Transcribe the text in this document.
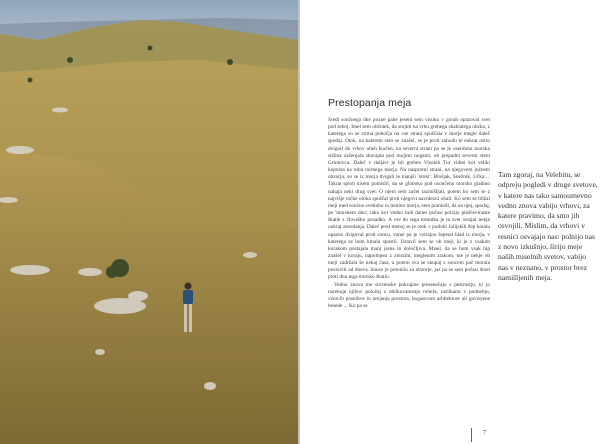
Prestopanja meja

Sredi sončnega dne pozne pabe jeseni sem visoko v gorah opazoval svet pod seboj. Imel sem občutek, da stojim na vrhu grebega skalnatega obzka, z katerega so se strma pobočja na vse strani spuščala v morje megle daleč spodaj. Otok, na katerem sem se znašel, se je proti zahodu le enkrat ostro dvignil do vrhov obeh Kočen, na severni strani pa se je osenčena morska stišina začenjala skorajda pod mojimi nogami, ob prepadni severni steni Grintovca. Daleč v daljavi je bil greben Visokih Tur videti kot veliki kopniza na robu mirnega morja. Na nasprotni strani, na njegovem južnem obzorju, so se iz morja dvigali le manjši 'otoki': Blošjak, Snežnik, Učka ... Takrat sploh nisem pomislil, da se globoko pod osončeno morsko gladino nahaja neki drug svet. O njem sem začel razmišljati, potem ko sem se z najvišje točke otoka spuščal proti njegovi navidezni obali. Ko sem se bližal meji med sončno svetlobo in temino morja, sem pomislil, da na njej, spodaj, po 'morskem dnu', tako kot vedno tudi danes počasi polzijo ploščevinaste škatle s človeško posadko. A vse do tega trenutka je ta svet ostajal nekje onkraj zavedanja. Daleč pred menoj se je otok v podobi Julijskih Alp kmalu opazno dvigoval proti soncu, vame pa je vztrajno šepetal hlad iz morja, v katerega se bom kmalu spustil. Ustavil sem se ob meji, ki je z vsakim korakom postajala manj jasna in določljiva. Misel, da se bom vsak hip znašel v koraju, napolnjeni z zmrzim, meglenim zrakom, me je nekje ob meji zadržala še nekaj časa, a potem sva se skupaj s soncem pač morala posloviti od dneva. Sonce je potonilo za obzorje, jaz pa se sem počasi drsel proti dnu tega morsko škatlo.

Vedno znova me slovenske pokrajine presenečajo s pestrostjo, ki jo narekuje njihov položaj z obilkovanostjo reliefa, razlikami v podnebju, vzorcih poselitve in urejanja prostora, bogastvom arhitekture ali govorjene besede ... Ko pa se

Tam zgoraj, na Velebitu, se odpreju pogledi v druge svetove, v katere nas tako samoumevno vedno znova vabijo vrhovi, za katere pravimo, da smo jih osvojili. Mislim, da vrhovi v resnici osvajajo nas: polnijo nas z novo izkušnjo, širijo meje naših miselnih svetov, vabijo nas v neznano, v prostor brez namišljenih meja.
7
